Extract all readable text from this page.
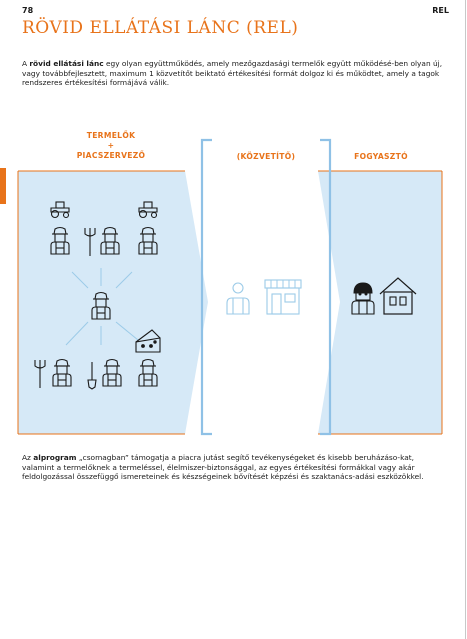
78	REL
RÖVID ELLÁTÁSI LÁNC (REL)

A rövid ellátási lánc egy olyan együttműködés, amely mezőgazdasági termelők együtt működésé-ben olyan új, vagy továbbfejlesztett, maximum 1 közvetítőt beiktató értékesítési formát dolgoz ki és működtet, amely a tagok rendszeres értékesítési formájává válik.

TERMELŐK
+
PIACSZERVEZŐ	(KÖZVETÍTŐ)	FOGYASZTÓ

Az alprogram „csomagban” támogatja a piacra jutást segítő tevékenységeket és kisebb beruházáso-kat, valamint a termelőknek a termeléssel, élelmiszer-biztonsággal, az egyes értékesítési formákkal vagy akár feldolgozással összefüggő ismereteinek és készségeinek bővítését képzési és szaktanács-adási eszközökkel.
